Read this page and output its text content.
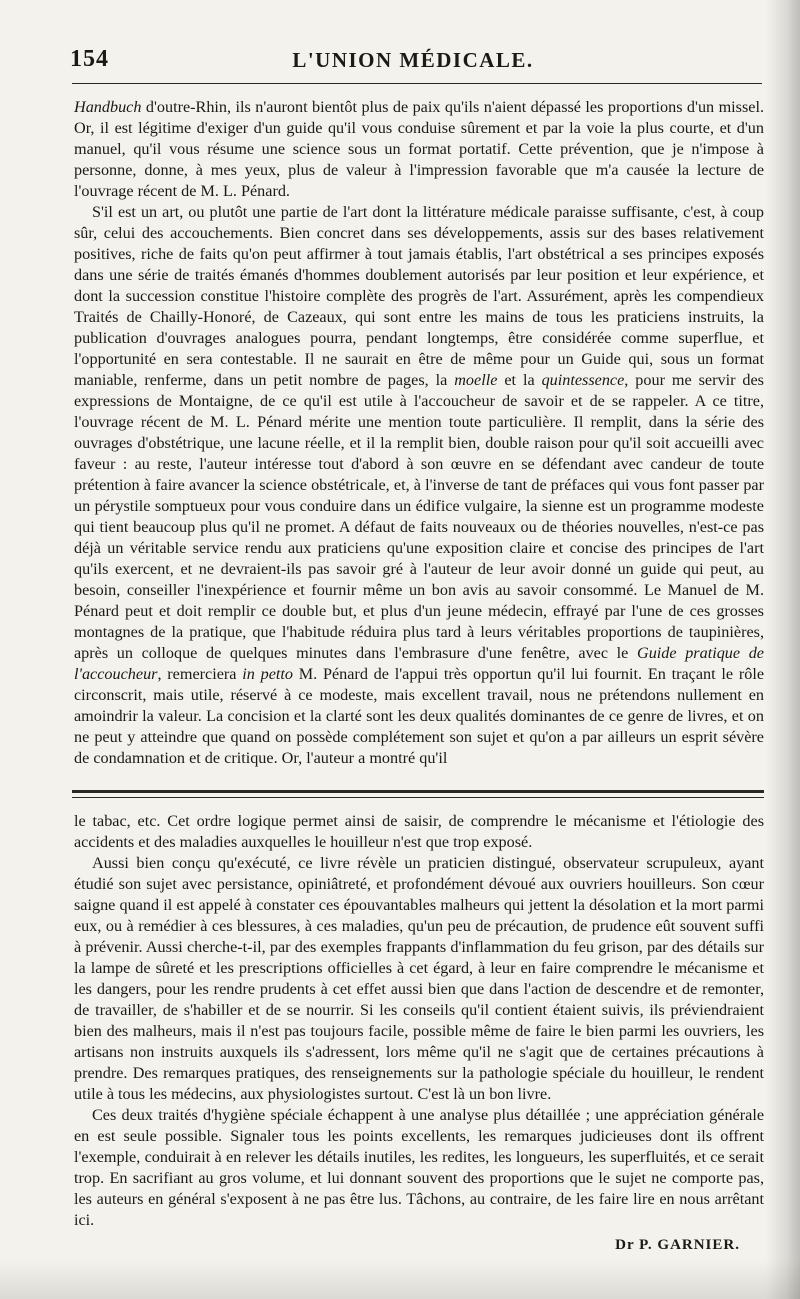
154	L'UNION MÉDICALE.

Handbuch d'outre-Rhin, ils n'auront bientôt plus de paix qu'ils n'aient dépassé les proportions d'un missel. Or, il est légitime d'exiger d'un guide qu'il vous conduise sûrement et par la voie la plus courte, et d'un manuel, qu'il vous résume une science sous un format portatif. Cette prévention, que je n'impose à personne, donne, à mes yeux, plus de valeur à l'impression favorable que m'a causée la lecture de l'ouvrage récent de M. L. Pénard.

S'il est un art, ou plutôt une partie de l'art dont la littérature médicale paraisse suffisante, c'est, à coup sûr, celui des accouchements. Bien concret dans ses développements, assis sur des bases relativement positives, riche de faits qu'on peut affirmer à tout jamais établis, l'art obstétrical a ses principes exposés dans une série de traités émanés d'hommes doublement autorisés par leur position et leur expérience, et dont la succession constitue l'histoire complète des progrès de l'art. Assurément, après les compendieux Traités de Chailly-Honoré, de Cazeaux, qui sont entre les mains de tous les praticiens instruits, la publication d'ouvrages analogues pourra, pendant longtemps, être considérée comme superflue, et l'opportunité en sera contestable. Il ne saurait en être de même pour un Guide qui, sous un format maniable, renferme, dans un petit nombre de pages, la moelle et la quintessence, pour me servir des expressions de Montaigne, de ce qu'il est utile à l'accoucheur de savoir et de se rappeler. A ce titre, l'ouvrage récent de M. L. Pénard mérite une mention toute particulière. Il remplit, dans la série des ouvrages d'obstétrique, une lacune réelle, et il la remplit bien, double raison pour qu'il soit accueilli avec faveur : au reste, l'auteur intéresse tout d'abord à son œuvre en se défendant avec candeur de toute prétention à faire avancer la science obstétricale, et, à l'inverse de tant de préfaces qui vous font passer par un pérystile somptueux pour vous conduire dans un édifice vulgaire, la sienne est un programme modeste qui tient beaucoup plus qu'il ne promet. A défaut de faits nouveaux ou de théories nouvelles, n'est-ce pas déjà un véritable service rendu aux praticiens qu'une exposition claire et concise des principes de l'art qu'ils exercent, et ne devraient-ils pas savoir gré à l'auteur de leur avoir donné un guide qui peut, au besoin, conseiller l'inexpérience et fournir même un bon avis au savoir consommé. Le Manuel de M. Pénard peut et doit remplir ce double but, et plus d'un jeune médecin, effrayé par l'une de ces grosses montagnes de la pratique, que l'habitude réduira plus tard à leurs véritables proportions de taupinières, après un colloque de quelques minutes dans l'embrasure d'une fenêtre, avec le Guide pratique de l'accoucheur, remerciera in petto M. Pénard de l'appui très opportun qu'il lui fournit. En traçant le rôle circonscrit, mais utile, réservé à ce modeste, mais excellent travail, nous ne prétendons nullement en amoindrir la valeur. La concision et la clarté sont les deux qualités dominantes de ce genre de livres, et on ne peut y atteindre que quand on possède complétement son sujet et qu'on a par ailleurs un esprit sévère de condamnation et de critique. Or, l'auteur a montré qu'il

le tabac, etc. Cet ordre logique permet ainsi de saisir, de comprendre le mécanisme et l'étiologie des accidents et des maladies auxquelles le houilleur n'est que trop exposé.

Aussi bien conçu qu'exécuté, ce livre révèle un praticien distingué, observateur scrupuleux, ayant étudié son sujet avec persistance, opiniâtreté, et profondément dévoué aux ouvriers houilleurs. Son cœur saigne quand il est appelé à constater ces épouvantables malheurs qui jettent la désolation et la mort parmi eux, ou à remédier à ces blessures, à ces maladies, qu'un peu de précaution, de prudence eût souvent suffi à prévenir. Aussi cherche-t-il, par des exemples frappants d'inflammation du feu grison, par des détails sur la lampe de sûreté et les prescriptions officielles à cet égard, à leur en faire comprendre le mécanisme et les dangers, pour les rendre prudents à cet effet aussi bien que dans l'action de descendre et de remonter, de travailler, de s'habiller et de se nourrir. Si les conseils qu'il contient étaient suivis, ils préviendraient bien des malheurs, mais il n'est pas toujours facile, possible même de faire le bien parmi les ouvriers, les artisans non instruits auxquels ils s'adressent, lors même qu'il ne s'agit que de certaines précautions à prendre. Des remarques pratiques, des renseignements sur la pathologie spéciale du houilleur, le rendent utile à tous les médecins, aux physiologistes surtout. C'est là un bon livre.

Ces deux traités d'hygiène spéciale échappent à une analyse plus détaillée ; une appréciation générale en est seule possible. Signaler tous les points excellents, les remarques judicieuses dont ils offrent l'exemple, conduirait à en relever les détails inutiles, les redites, les longueurs, les superfluités, et ce serait trop. En sacrifiant au gros volume, et lui donnant souvent des proportions que le sujet ne comporte pas, les auteurs en général s'exposent à ne pas être lus. Tâchons, au contraire, de les faire lire en nous arrêtant ici.

Dr P. GARNIER.
